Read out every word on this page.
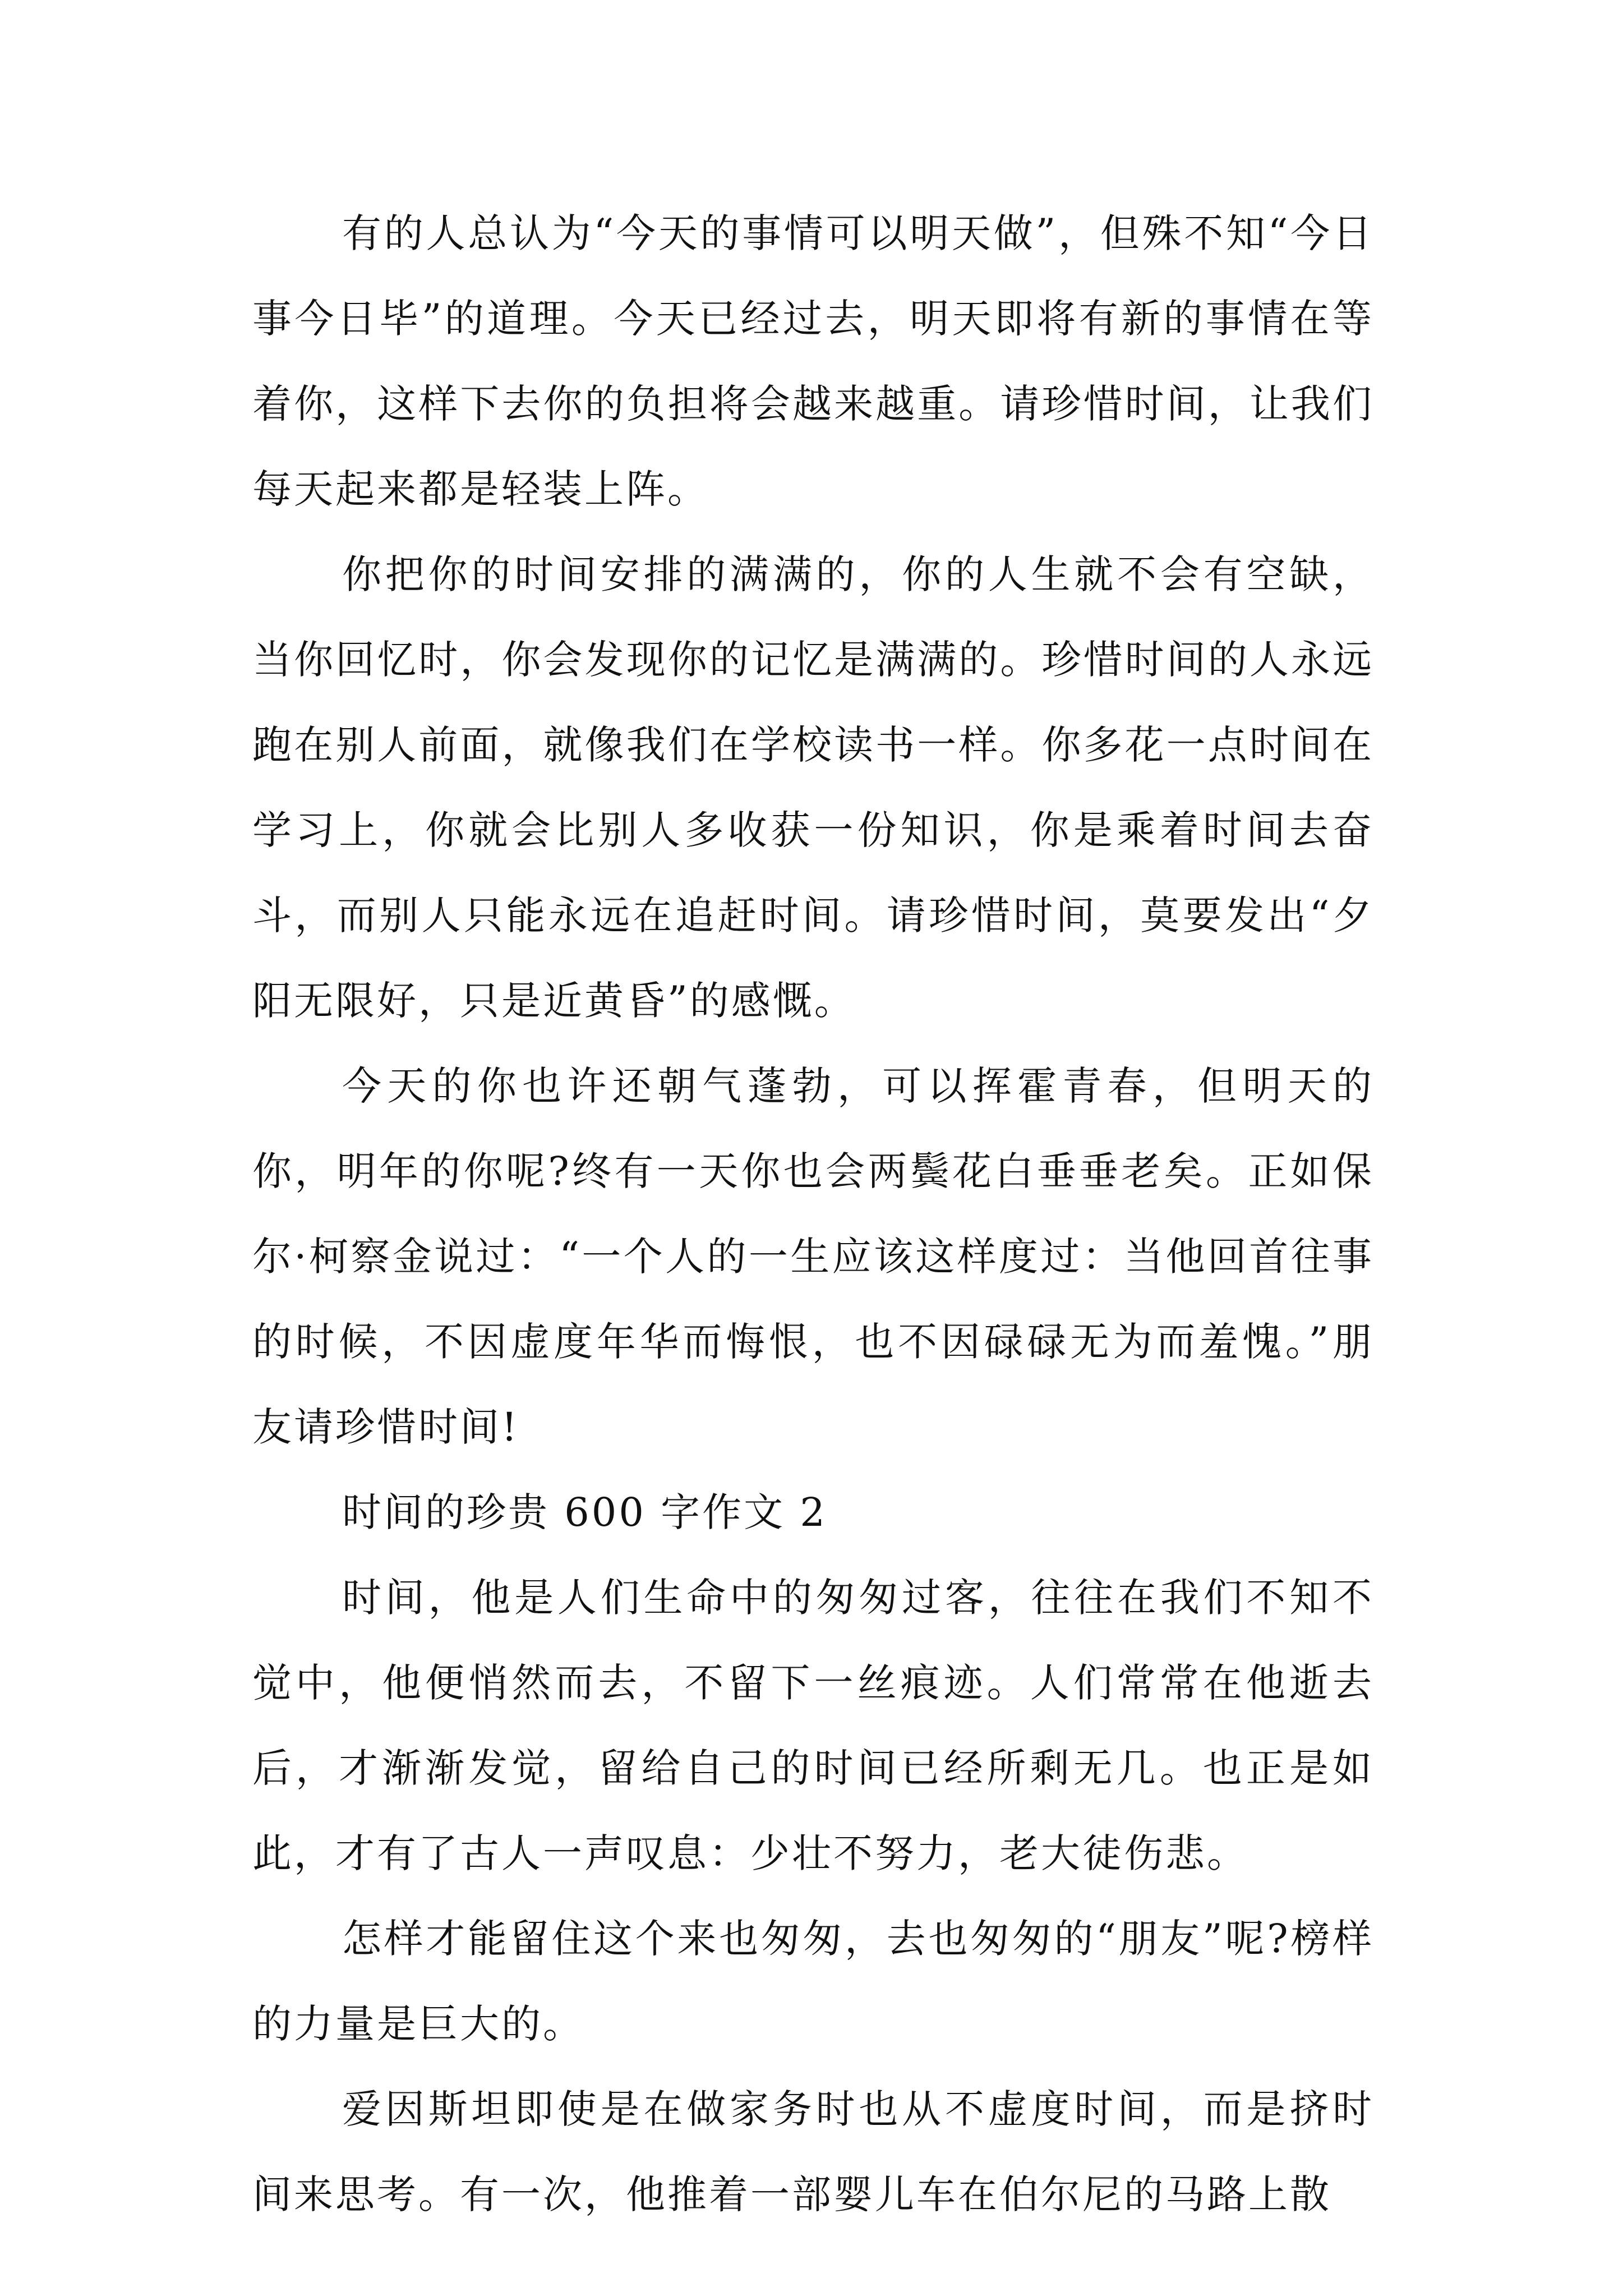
有的人总认为“今天的事情可以明天做”，但殊不知“今日事今日毕”的道理。今天已经过去，明天即将有新的事情在等着你，这样下去你的负担将会越来越重。请珍惜时间，让我们每天起来都是轻装上阵。

你把你的时间安排的满满的，你的人生就不会有空缺，当你回忆时，你会发现你的记忆是满满的。珍惜时间的人永远跑在别人前面，就像我们在学校读书一样。你多花一点时间在学习上，你就会比别人多收获一份知识，你是乘着时间去奋斗，而别人只能永远在追赶时间。请珍惜时间，莫要发出“夕阳无限好，只是近黄昏”的感慨。

今天的你也许还朝气蓬勃，可以挥霍青春，但明天的你，明年的你呢?终有一天你也会两鬓花白垂垂老矣。正如保尔·柯察金说过：“一个人的一生应该这样度过：当他回首往事的时候，不因虚度年华而悔恨，也不因碌碌无为而羞愧。”朋友请珍惜时间!

时间的珍贵 600 字作文 2

时间，他是人们生命中的匆匆过客，往往在我们不知不觉中，他便悄然而去，不留下一丝痕迹。人们常常在他逝去后，才渐渐发觉，留给自己的时间已经所剩无几。也正是如此，才有了古人一声叹息：少壮不努力，老大徒伤悲。

怎样才能留住这个来也匆匆，去也匆匆的“朋友”呢?榜样的力量是巨大的。

爱因斯坦即使是在做家务时也从不虚度时间，而是挤时间来思考。有一次，他推着一部婴儿车在伯尔尼的马路上散
